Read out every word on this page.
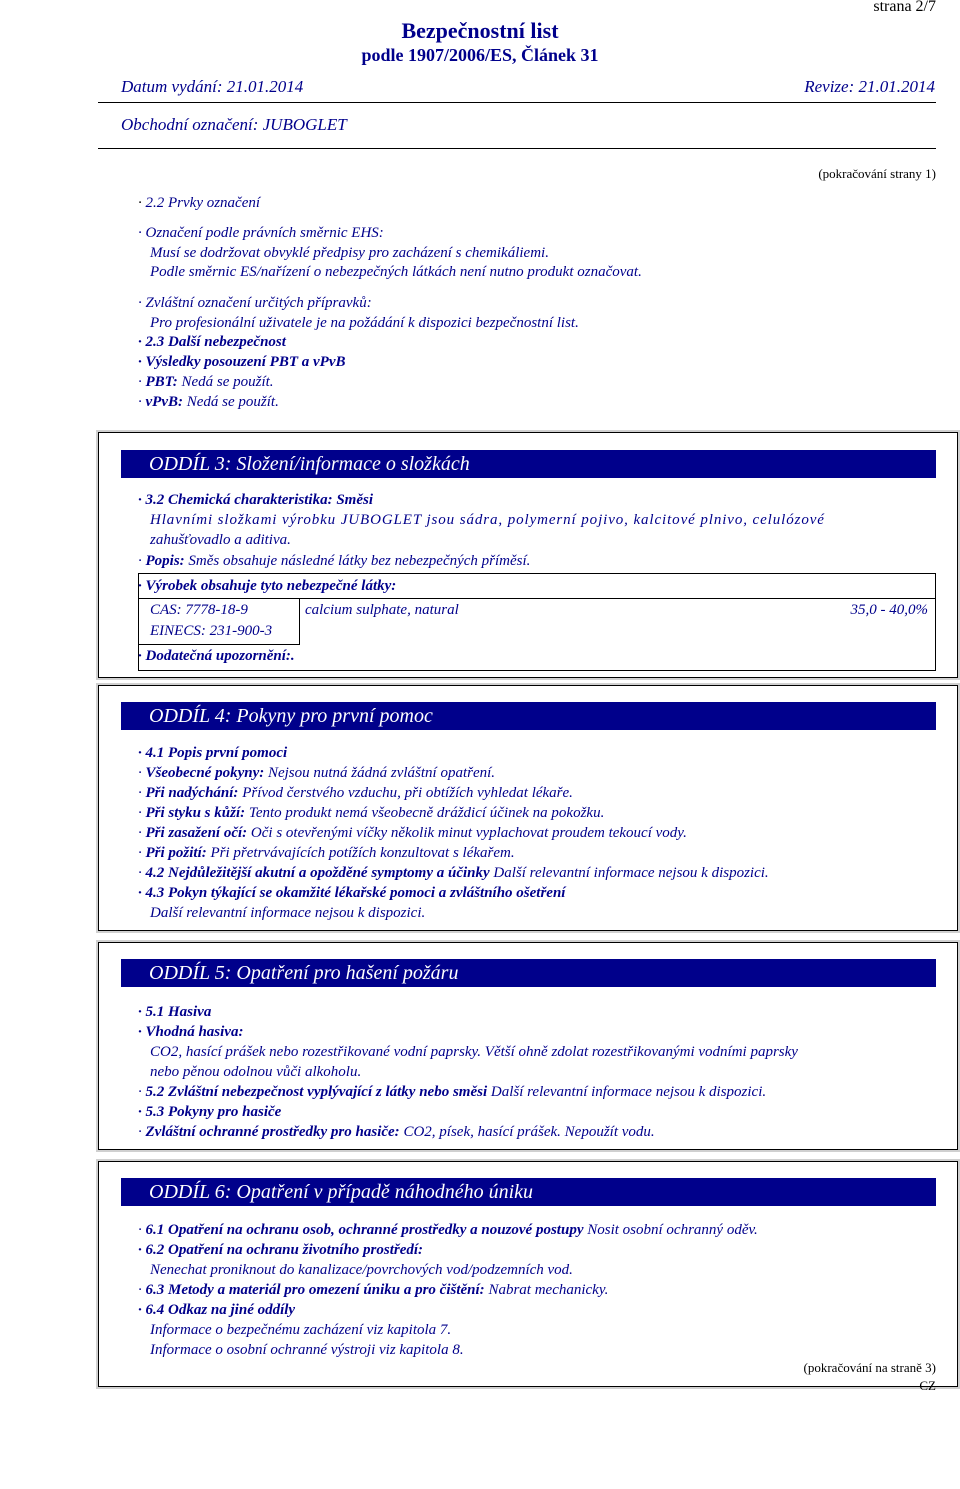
strana 2/7
Bezpečnostní list
podle 1907/2006/ES, Článek 31
Datum vydání: 21.01.2014	Revize: 21.01.2014
Obchodní označení: JUBOGLET
(pokračování strany 1)
· 2.2 Prvky označení
· Označení podle právních směrnic EHS:
Musí se dodržovat obvyklé předpisy pro zacházení s chemikáliemi.
Podle směrnic ES/nařízení o nebezpečných látkách není nutno produkt označovat.
· Zvláštní označení určitých přípravků:
Pro profesionální uživatele je na požádání k dispozici bezpečnostní list.
· 2.3 Další nebezpečnost
· Výsledky posouzení PBT a vPvB
· PBT: Nedá se použít.
· vPvB: Nedá se použít.
ODDÍL 3: Složení/informace o složkách
· 3.2 Chemická charakteristika: Směsi
Hlavními složkami výrobku JUBOGLET jsou sádra, polymerní pojivo, kalcitové plnivo, celulózové
zahušťovadlo a aditiva.
· Popis: Směs obsahuje následné látky bez nebezpečných příměsí.
· Výrobek obsahuje tyto nebezpečné látky:
CAS: 7778-18-9
EINECS: 231-900-3
calcium sulphate, natural	35,0 - 40,0%
· Dodatečná upozornění:.
ODDÍL 4: Pokyny pro první pomoc
· 4.1 Popis první pomoci
· Všeobecné pokyny: Nejsou nutná žádná zvláštní opatření.
· Při nadýchání: Přívod čerstvého vzduchu, při obtížích vyhledat lékaře.
· Při styku s kůží: Tento produkt nemá všeobecně dráždicí účinek na pokožku.
· Při zasažení očí: Oči s otevřenými víčky několik minut vyplachovat proudem tekoucí vody.
· Při požití: Při přetrvávajících potížích konzultovat s lékařem.
· 4.2 Nejdůležitější akutní a opožděné symptomy a účinky Další relevantní informace nejsou k dispozici.
· 4.3 Pokyn týkající se okamžité lékařské pomoci a zvláštního ošetření
Další relevantní informace nejsou k dispozici.
ODDÍL 5: Opatření pro hašení požáru
· 5.1 Hasiva
· Vhodná hasiva:
CO2, hasící prášek nebo rozestřikované vodní paprsky. Větší ohně zdolat rozestřikovanými vodními paprsky
nebo pěnou odolnou vůči alkoholu.
· 5.2 Zvláštní nebezpečnost vyplývající z látky nebo směsi Další relevantní informace nejsou k dispozici.
· 5.3 Pokyny pro hasiče
· Zvláštní ochranné prostředky pro hasiče: CO2, písek, hasící prášek. Nepoužít vodu.
ODDÍL 6: Opatření v případě náhodného úniku
· 6.1 Opatření na ochranu osob, ochranné prostředky a nouzové postupy Nosit osobní ochranný oděv.
· 6.2 Opatření na ochranu životního prostředí:
Nenechat proniknout do kanalizace/povrchových vod/podzemních vod.
· 6.3 Metody a materiál pro omezení úniku a pro čištění: Nabrat mechanicky.
· 6.4 Odkaz na jiné oddíly
Informace o bezpečnému zacházení viz kapitola 7.
Informace o osobní ochranné výstroji viz kapitola 8.
(pokračování na straně 3)
CZ
